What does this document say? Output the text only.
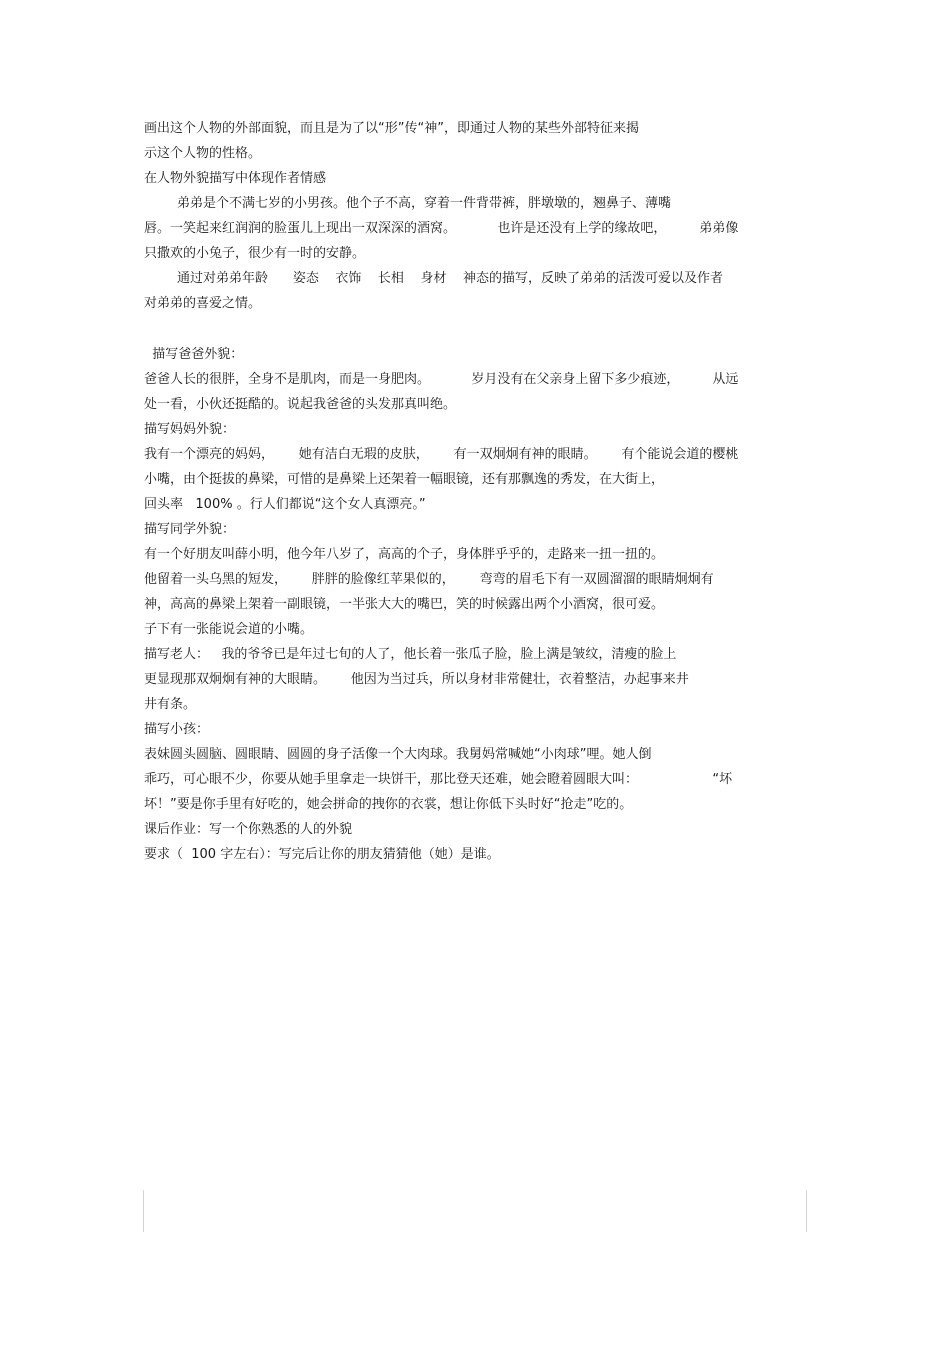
画出这个人物的外部面貌，而且是为了以“形”传“神”，即通过人物的某些外部特征来揭
示这个人物的性格。
在人物外貌描写中体现作者情感
弟弟是个不满七岁的小男孩。他个子不高，穿着一件背带裤，胖墩墩的，翘鼻子、薄嘴
唇。一笑起来红润润的脸蛋儿上现出一双深深的酒窝。          也许是还没有上学的缘故吧，        弟弟像
只撒欢的小兔子，很少有一时的安静。
通过对弟弟年龄      姿态    衣饰    长相    身材    神态的描写，反映了弟弟的活泼可爱以及作者
对弟弟的喜爱之情。
描写爸爸外貌：
爸爸人长的很胖，全身不是肌肉，而是一身肥肉。          岁月没有在父亲身上留下多少痕迹，        从远
处一看，小伙还挺酷的。说起我爸爸的头发那真叫绝。
描写妈妈外貌：
我有一个漂亮的妈妈，      她有洁白无瑕的皮肤，      有一双炯炯有神的眼睛。      有个能说会道的樱桃
小嘴，由个挺拔的鼻梁，可惜的是鼻梁上还架着一幅眼镜，还有那飘逸的秀发，在大街上，
回头率   100% 。行人们都说“这个女人真漂亮。”
描写同学外貌：
有一个好朋友叫薛小明，他今年八岁了，高高的个子，身体胖乎乎的，走路来一扭一扭的。
他留着一头乌黑的短发，      胖胖的脸像红苹果似的，      弯弯的眉毛下有一双圆溜溜的眼睛炯炯有
神，高高的鼻梁上架着一副眼镜，一半张大大的嘴巴，笑的时候露出两个小酒窝，很可爱。
子下有一张能说会道的小嘴。
描写老人：   我的爷爷已是年过七旬的人了，他长着一张瓜子脸，脸上满是皱纹，清瘦的脸上
更显现那双炯炯有神的大眼睛。      他因为当过兵，所以身材非常健壮，衣着整洁，办起事来井
井有条。
描写小孩：
表妹圆头圆脑、圆眼睛、圆圆的身子活像一个大肉球。我舅妈常喊她“小肉球”哩。她人倒
乖巧，可心眼不少，你要从她手里拿走一块饼干，那比登天还难，她会瞪着圆眼大叫：                  “坏
坏！”要是你手里有好吃的，她会拼命的拽你的衣裳，想让你低下头时好“抢走”吃的。
课后作业：写一个你熟悉的人的外貌
要求（  100 字左右）：写完后让你的朋友猜猜他（她）是谁。
